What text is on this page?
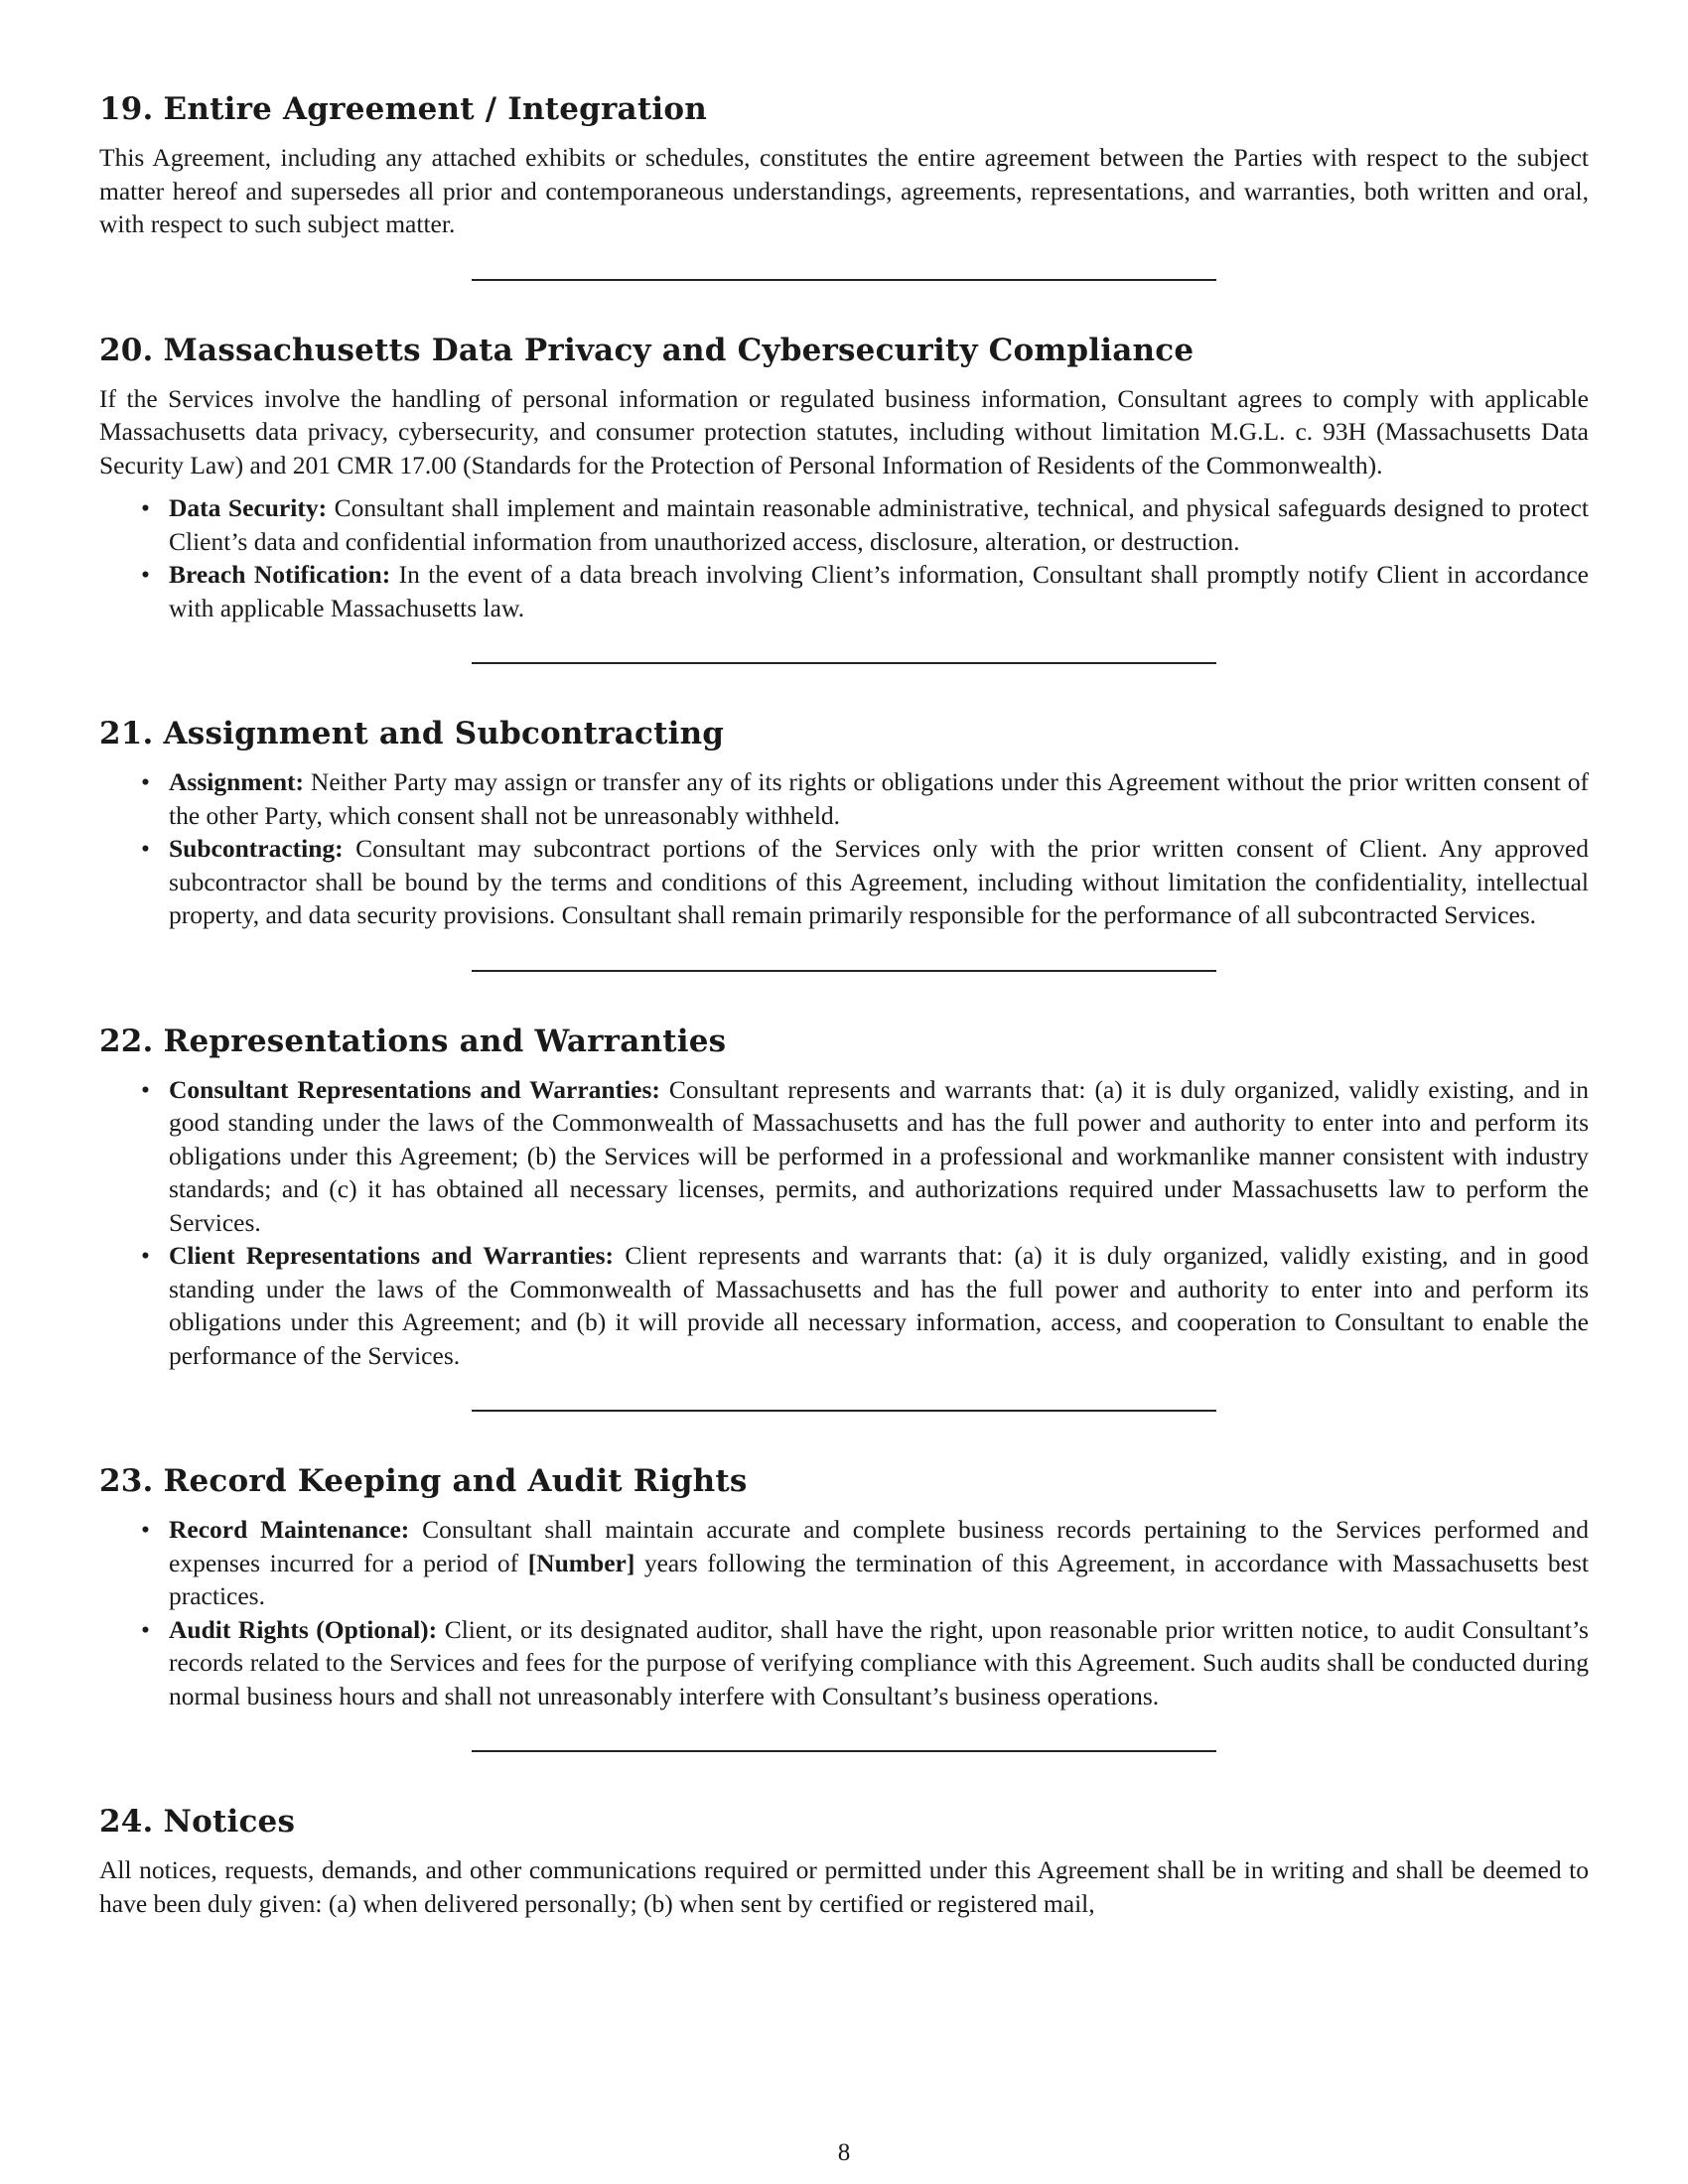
19. Entire Agreement / Integration

This Agreement, including any attached exhibits or schedules, constitutes the entire agreement between the Parties with respect to the subject matter hereof and supersedes all prior and contemporaneous understandings, agreements, representations, and warranties, both written and oral, with respect to such subject matter.

20. Massachusetts Data Privacy and Cybersecurity Compliance

If the Services involve the handling of personal information or regulated business information, Consultant agrees to comply with applicable Massachusetts data privacy, cybersecurity, and consumer protection statutes, including without limitation M.G.L. c. 93H (Massachusetts Data Security Law) and 201 CMR 17.00 (Standards for the Protection of Personal Information of Residents of the Commonwealth).

• Data Security: Consultant shall implement and maintain reasonable administrative, technical, and physical safeguards designed to protect Client’s data and confidential information from unauthorized access, disclosure, alteration, or destruction.
• Breach Notification: In the event of a data breach involving Client’s information, Consultant shall promptly notify Client in accordance with applicable Massachusetts law.
21. Assignment and Subcontracting
• Assignment: Neither Party may assign or transfer any of its rights or obligations under this Agreement without the prior written consent of the other Party, which consent shall not be unreasonably withheld.
• Subcontracting: Consultant may subcontract portions of the Services only with the prior written consent of Client. Any approved subcontractor shall be bound by the terms and conditions of this Agreement, including without limitation the confidentiality, intellectual property, and data security provisions. Consultant shall remain primarily responsible for the performance of all subcontracted Services.
22. Representations and Warranties
• Consultant Representations and Warranties: Consultant represents and warrants that: (a) it is duly organized, validly existing, and in good standing under the laws of the Commonwealth of Massachusetts and has the full power and authority to enter into and perform its obligations under this Agreement; (b) the Services will be performed in a professional and workmanlike manner consistent with industry standards; and (c) it has obtained all necessary licenses, permits, and authorizations required under Massachusetts law to perform the Services.
• Client Representations and Warranties: Client represents and warrants that: (a) it is duly organized, validly existing, and in good standing under the laws of the Commonwealth of Massachusetts and has the full power and authority to enter into and perform its obligations under this Agreement; and (b) it will provide all necessary information, access, and cooperation to Consultant to enable the performance of the Services.
23. Record Keeping and Audit Rights
• Record Maintenance: Consultant shall maintain accurate and complete business records pertaining to the Services performed and expenses incurred for a period of [Number] years following the termination of this Agreement, in accordance with Massachusetts best practices.
• Audit Rights (Optional): Client, or its designated auditor, shall have the right, upon reasonable prior written notice, to audit Consultant’s records related to the Services and fees for the purpose of verifying compliance with this Agreement. Such audits shall be conducted during normal business hours and shall not unreasonably interfere with Consultant’s business operations.
24. Notices

All notices, requests, demands, and other communications required or permitted under this Agreement shall be in writing and shall be deemed to have been duly given: (a) when delivered personally; (b) when sent by certified or registered mail,

8
